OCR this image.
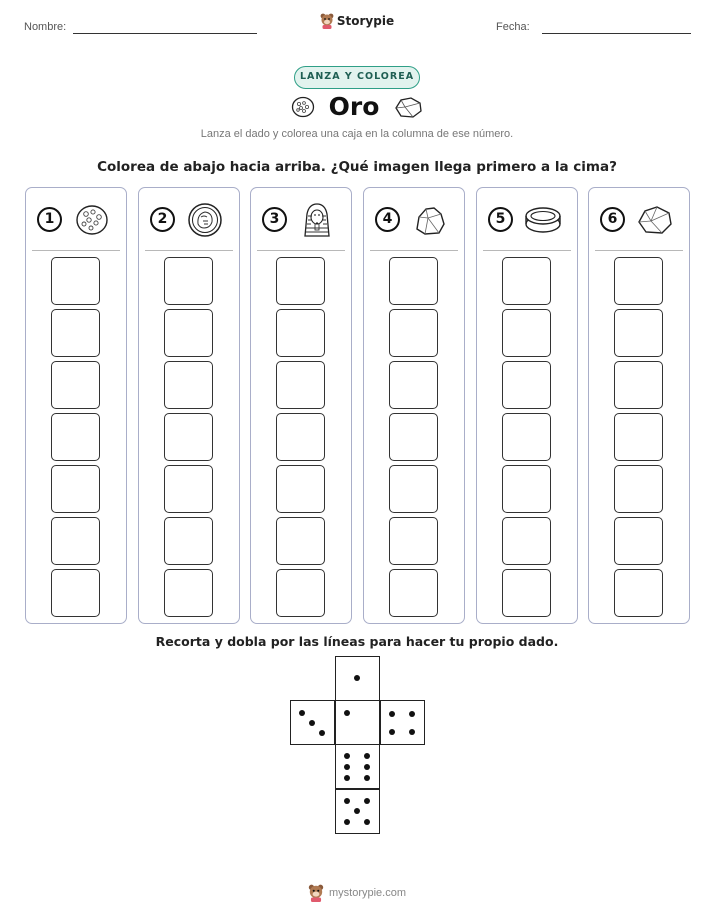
Nombre:	Storypie	Fecha:
LANZA Y COLOREA
Oro
Lanza el dado y colorea una caja en la columna de ese número.
Colorea de abajo hacia arriba. ¿Qué imagen llega primero a la cima?
1	2	3	4	5	6
Recorta y dobla por las líneas para hacer tu propio dado.
mystorypie.com
